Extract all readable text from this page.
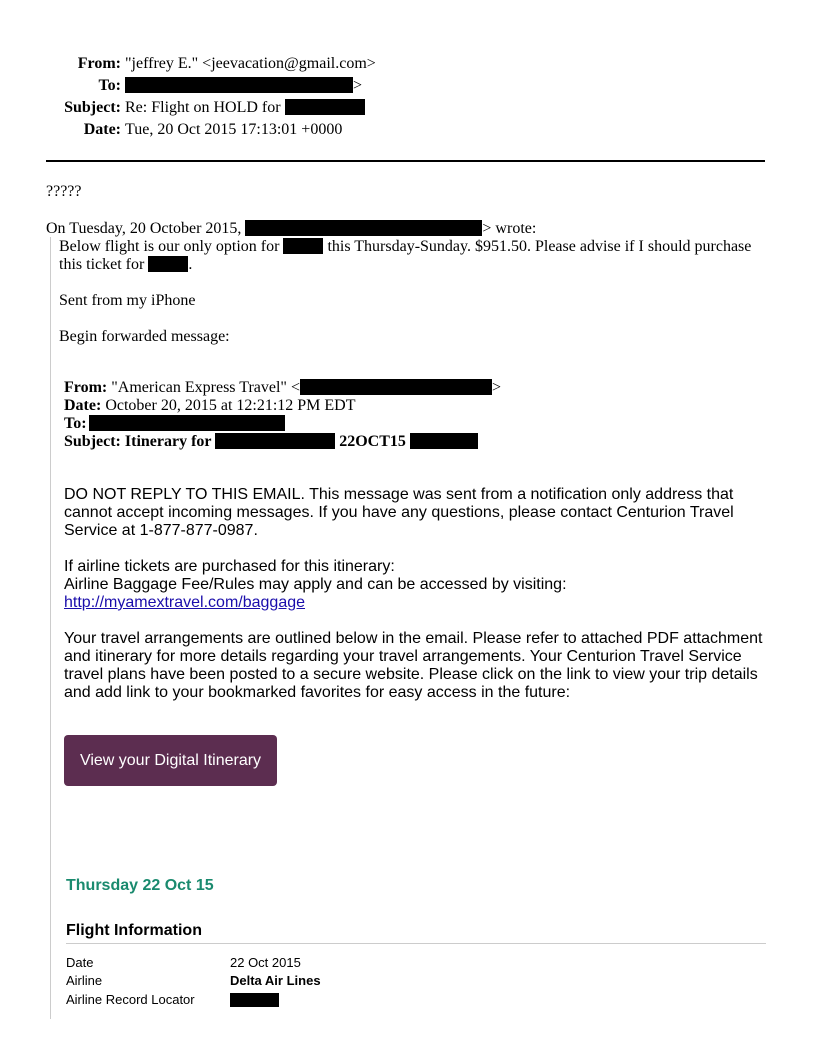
From: "jeffrey E." <jeevacation@gmail.com>
To:	>
Subject: Re: Flight on HOLD for
Date: Tue, 20 Oct 2015 17:13:01 +0000
?????
On Tuesday, 20 October 2015,	> wrote:
Below flight is our only option for	this Thursday-Sunday. $951.50. Please advise if I should purchase
this ticket for	.
Sent from my iPhone
Begin forwarded message:
From: "American Express Travel" <	>
Date: October 20, 2015 at 12:21:12 PM EDT
To:
Subject: Itinerary for	22OCT15
DO NOT REPLY TO THIS EMAIL. This message was sent from a notification only address that cannot accept incoming messages. If you have any questions, please contact Centurion Travel Service at 1-877-877-0987.
If airline tickets are purchased for this itinerary:
Airline Baggage Fee/Rules may apply and can be accessed by visiting:
http://myamextravel.com/baggage
Your travel arrangements are outlined below in the email. Please refer to attached PDF attachment and itinerary for more details regarding your travel arrangements. Your Centurion Travel Service travel plans have been posted to a secure website. Please click on the link to view your trip details and add link to your bookmarked favorites for easy access in the future:
View your Digital Itinerary
Thursday 22 Oct 15
Flight Information
Date	22 Oct 2015
Airline	Delta Air Lines
Airline Record Locator
